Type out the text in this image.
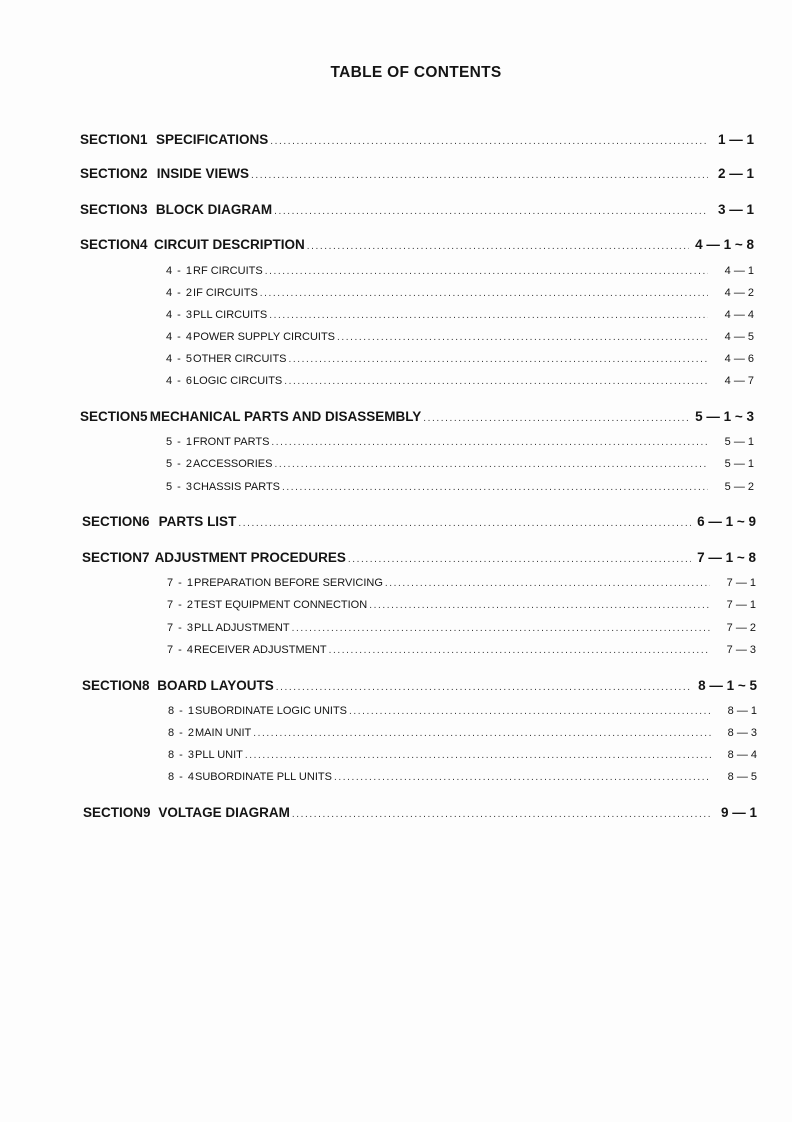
TABLE OF CONTENTS
SECTION 1 SPECIFICATIONS .....	1 — 1
SECTION 2 INSIDE VIEWS .....	2 — 1
SECTION 3 BLOCK DIAGRAM .....	3 — 1
SECTION 4 CIRCUIT DESCRIPTION .....	4 — 1 ~ 8
4 - 1 RF CIRCUITS .....	4 — 1
4 - 2 IF CIRCUITS .....	4 — 2
4 - 3 PLL CIRCUITS .....	4 — 4
4 - 4 POWER SUPPLY CIRCUITS .....	4 — 5
4 - 5 OTHER CIRCUITS .....	4 — 6
4 - 6 LOGIC CIRCUITS .....	4 — 7
SECTION 5 MECHANICAL PARTS AND DISASSEMBLY .....	5 — 1 ~ 3
5 - 1 FRONT PARTS .....	5 — 1
5 - 2 ACCESSORIES .....	5 — 1
5 - 3 CHASSIS PARTS .....	5 — 2
SECTION 6 PARTS LIST .....	6 — 1 ~ 9
SECTION 7 ADJUSTMENT PROCEDURES .....	7 — 1 ~ 8
7 - 1 PREPARATION BEFORE SERVICING .....	7 — 1
7 - 2 TEST EQUIPMENT CONNECTION .....	7 — 1
7 - 3 PLL ADJUSTMENT .....	7 — 2
7 - 4 RECEIVER ADJUSTMENT .....	7 — 3
SECTION 8 BOARD LAYOUTS .....	8 — 1 ~ 5
8 - 1 SUBORDINATE LOGIC UNITS .....	8 — 1
8 - 2 MAIN UNIT .....	8 — 3
8 - 3 PLL UNIT .....	8 — 4
8 - 4 SUBORDINATE PLL UNITS .....	8 — 5
SECTION 9 VOLTAGE DIAGRAM .....	9 — 1
